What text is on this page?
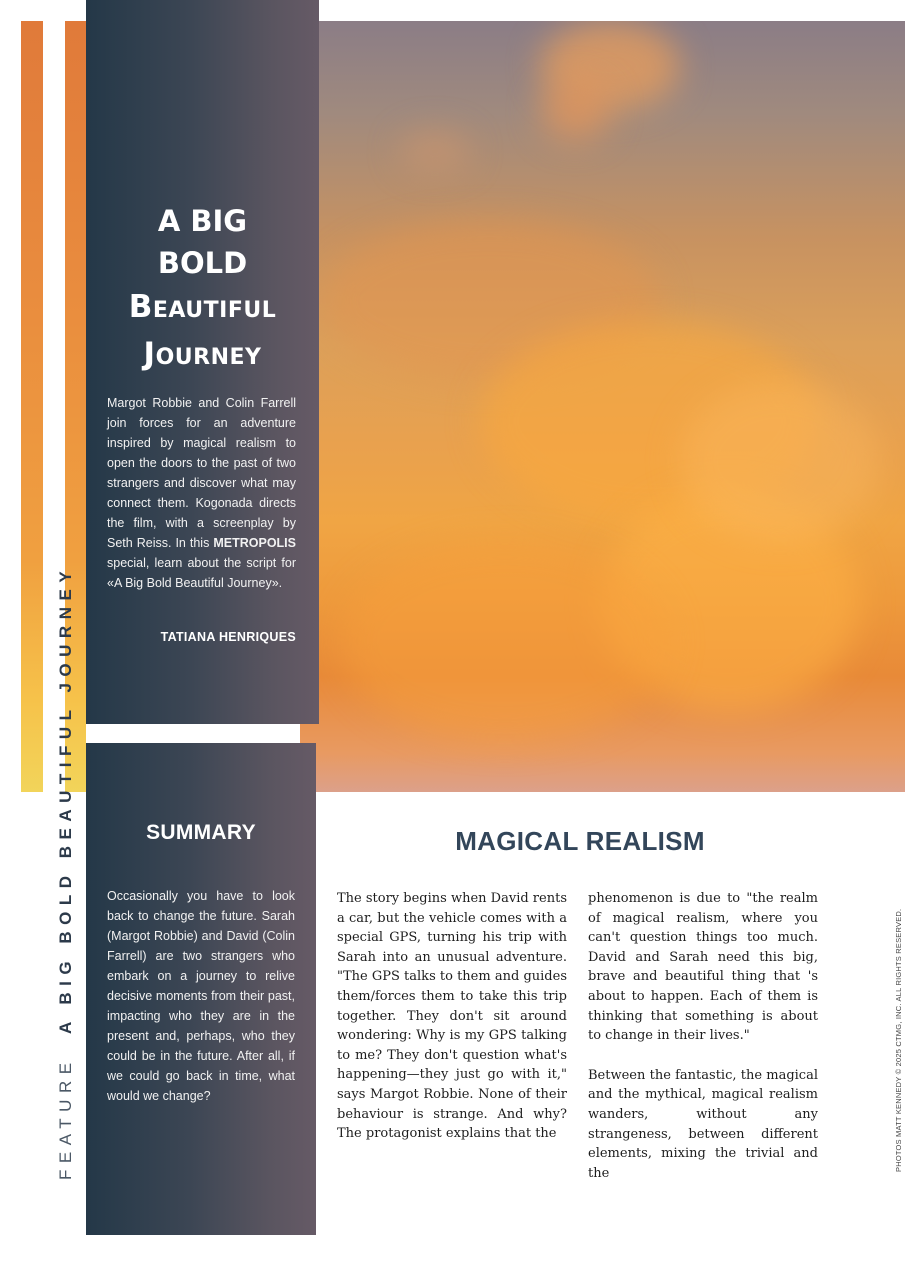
A BIG
BOLD
Beautiful
Journey

Margot Robbie and Colin Farrell join forces for an adventure inspired by magical realism to open the doors to the past of two strangers and discover what may connect them. Kogonada directs the film, with a screenplay by Seth Reiss. In this METROPOLIS special, learn about the script for «A Big Bold Beautiful Journey».

TATIANA HENRIQUES
SUMMARY

Occasionally you have to look back to change the future. Sarah (Margot Robbie) and David (Colin Farrell) are two strangers who embark on a journey to relive decisive moments from their past, impacting who they are in the present and, perhaps, who they could be in the future. After all, if we could go back in time, what would we change?

FEATURE  A BIG BOLD BEAUTIFUL JOURNEY	MAGICAL REALISM

The story begins when David rents a car, but the vehicle comes with a special GPS, turning his trip with Sarah into an unusual adventure. "The GPS talks to them and guides them/forces them to take this trip together. They don't sit around wondering: Why is my GPS talking to me? They don't question what's happening—they just go with it," says Margot Robbie. None of their behaviour is strange. And why? The protagonist explains that the

phenomenon is due to "the realm of magical realism, where you can't question things too much. David and Sarah need this big, brave and beautiful thing that 's about to happen. Each of them is thinking that something is about to change in their lives."

Between the fantastic, the magical and the mythical, magical realism wanders, without any strangeness, between different elements, mixing the trivial and the

PHOTOS MATT KENNEDY © 2025 CTMG, INC. ALL RIGHTS RESERVED.
